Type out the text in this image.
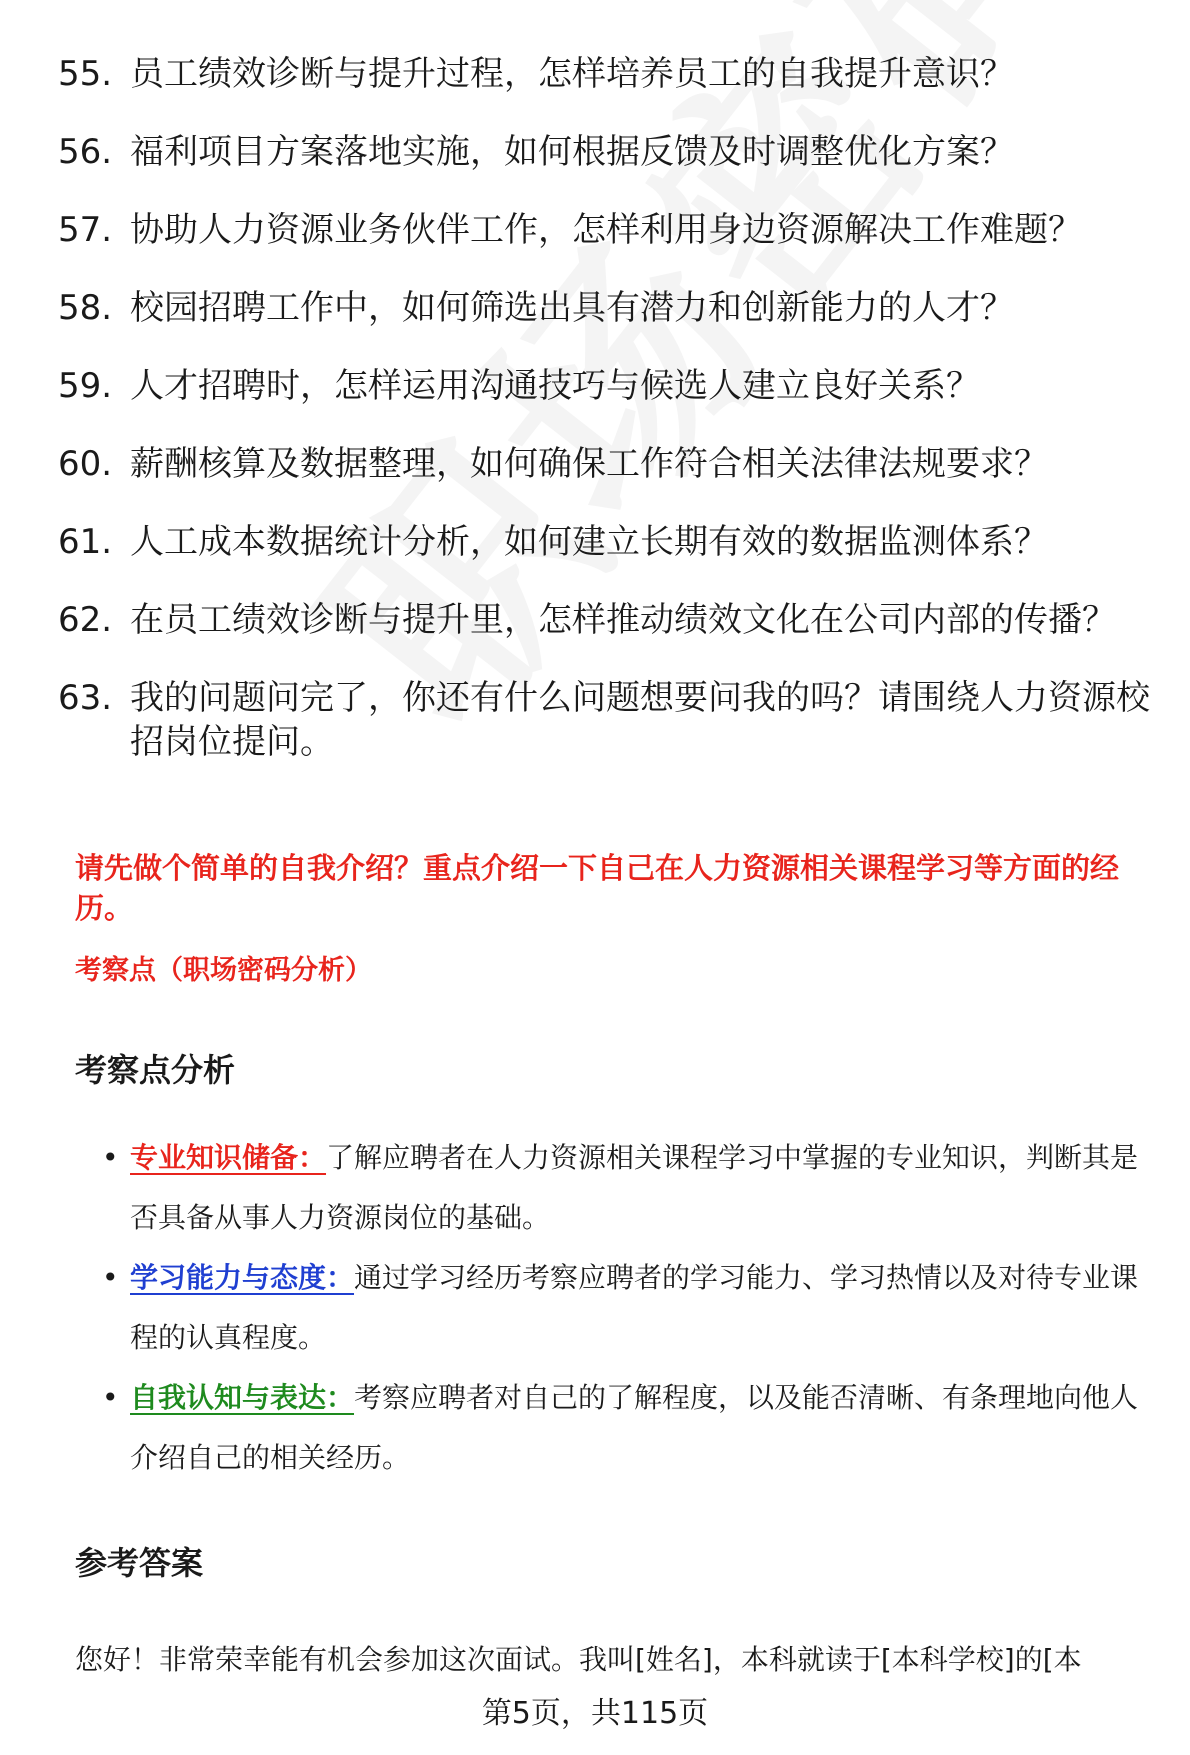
55. 员工绩效诊断与提升过程，怎样培养员工的自我提升意识？
56. 福利项目方案落地实施，如何根据反馈及时调整优化方案？
57. 协助人力资源业务伙伴工作，怎样利用身边资源解决工作难题？
58. 校园招聘工作中，如何筛选出具有潜力和创新能力的人才？
59. 人才招聘时，怎样运用沟通技巧与候选人建立良好关系？
60. 薪酬核算及数据整理，如何确保工作符合相关法律法规要求？
61. 人工成本数据统计分析，如何建立长期有效的数据监测体系？
62. 在员工绩效诊断与提升里，怎样推动绩效文化在公司内部的传播？
63. 我的问题问完了，你还有什么问题想要问我的吗？请围绕人力资源校招岗位提问。

请先做个简单的自我介绍？重点介绍一下自己在人力资源相关课程学习等方面的经历。

考察点（职场密码分析）

考察点分析
• 专业知识储备：了解应聘者在人力资源相关课程学习中掌握的专业知识，判断其是否具备从事人力资源岗位的基础。
• 学习能力与态度：通过学习经历考察应聘者的学习能力、学习热情以及对待专业课程的认真程度。
• 自我认知与表达：考察应聘者对自己的了解程度，以及能否清晰、有条理地向他人介绍自己的相关经历。
参考答案

您好！非常荣幸能有机会参加这次面试。我叫[姓名]，本科就读于[本科学校]的[本

第5页，共115页
